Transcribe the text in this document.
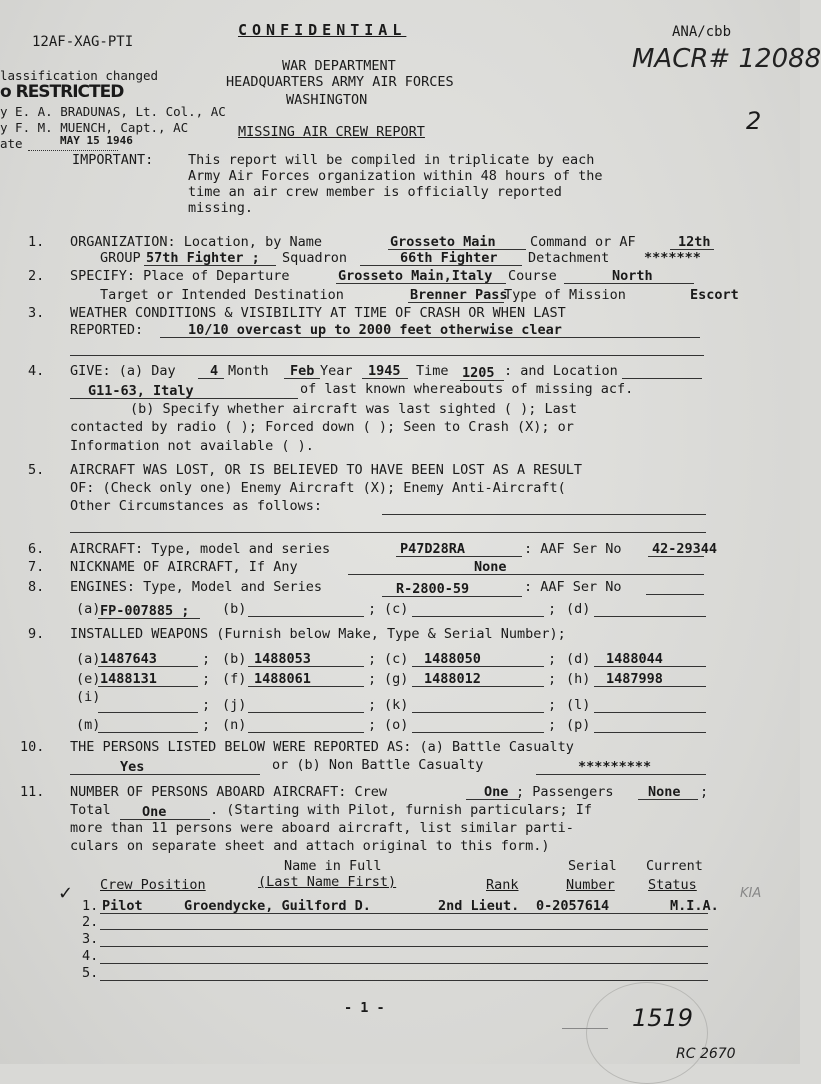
12AF-XAG-PTI
CONFIDENTIAL	ANA/cbb
MACR# 12088
2
WAR DEPARTMENT
HEADQUARTERS ARMY AIR FORCES
WASHINGTON
MISSING AIR CREW REPORT
lassification changed
o RESTRICTED
y E. A. BRADUNAS, Lt. Col., AC
y F. M. MUENCH, Capt., AC
ate	MAY 15 1946
IMPORTANT:	This report will be compiled in triplicate by each
Army Air Forces organization within 48 hours of the
time an air crew member is officially reported
missing.
1. ORGANIZATION: Location, by Name	Grosseto Main	Command or AF	12th
GROUP 57th Fighter ; Squadron	66th Fighter Detachment	*******
2. SPECIFY: Place of Departure	Grosseto Main,Italy Course	North
Target or Intended Destination	Brenner Pass
Type of Mission	Escort
3. WEATHER CONDITIONS & VISIBILITY AT TIME OF CRASH OR WHEN LAST
REPORTED:	10/10 overcast up to 2000 feet otherwise clear
4. GIVE: (a) Day	4 Month Feb Year 1945 Time 1205 : and Location
G11-63, Italy	of last known whereabouts of missing acf.
(b) Specify whether aircraft was last sighted ( ); Last
contacted by radio ( ); Forced down ( ); Seen to Crash (X); or
Information not available ( ).
5. AIRCRAFT WAS LOST, OR IS BELIEVED TO HAVE BEEN LOST AS A RESULT
OF: (Check only one) Enemy Aircraft (X); Enemy Anti-Aircraft(
Other Circumstances as follows:
6. AIRCRAFT: Type, model and series	P47D28RA	: AAF Ser No 42-29344
7. NICKNAME OF AIRCRAFT, If Any	None
8. ENGINES: Type, Model and Series	R-2800-59	: AAF Ser No
(a) FP-007885 ; (b)	; (c)	; (d)
9. INSTALLED WEAPONS (Furnish below Make, Type & Serial Number);
(a) 1487643	; (b) 1488053	; (c) 1488050	; (d) 1488044
(e) 1488131	; (f) 1488061	; (g) 1488012	; (h) 1487998
(i)	; (j)	; (k)	; (l)
(m)	; (n)	; (o)	; (p)
10. THE PERSONS LISTED BELOW WERE REPORTED AS: (a) Battle Casualty
Yes	or (b) Non Battle Casualty	*********
11. NUMBER OF PERSONS ABOARD AIRCRAFT: Crew	One ; Passengers	None ;
Total One	. (Starting with Pilot, furnish particulars; If
more than 11 persons were aboard aircraft, list similar parti-
culars on separate sheet and attach original to this form.)
Name in Full	Serial Current
Crew Position	(Last Name First)	Rank	Number Status
✓
1. Pilot	Groendycke, Guilford D.	2nd Lieut. 0-2057614	M.I.A.
KIA
2.
3.
4.
5.
- 1 -	1519
RC 2670
